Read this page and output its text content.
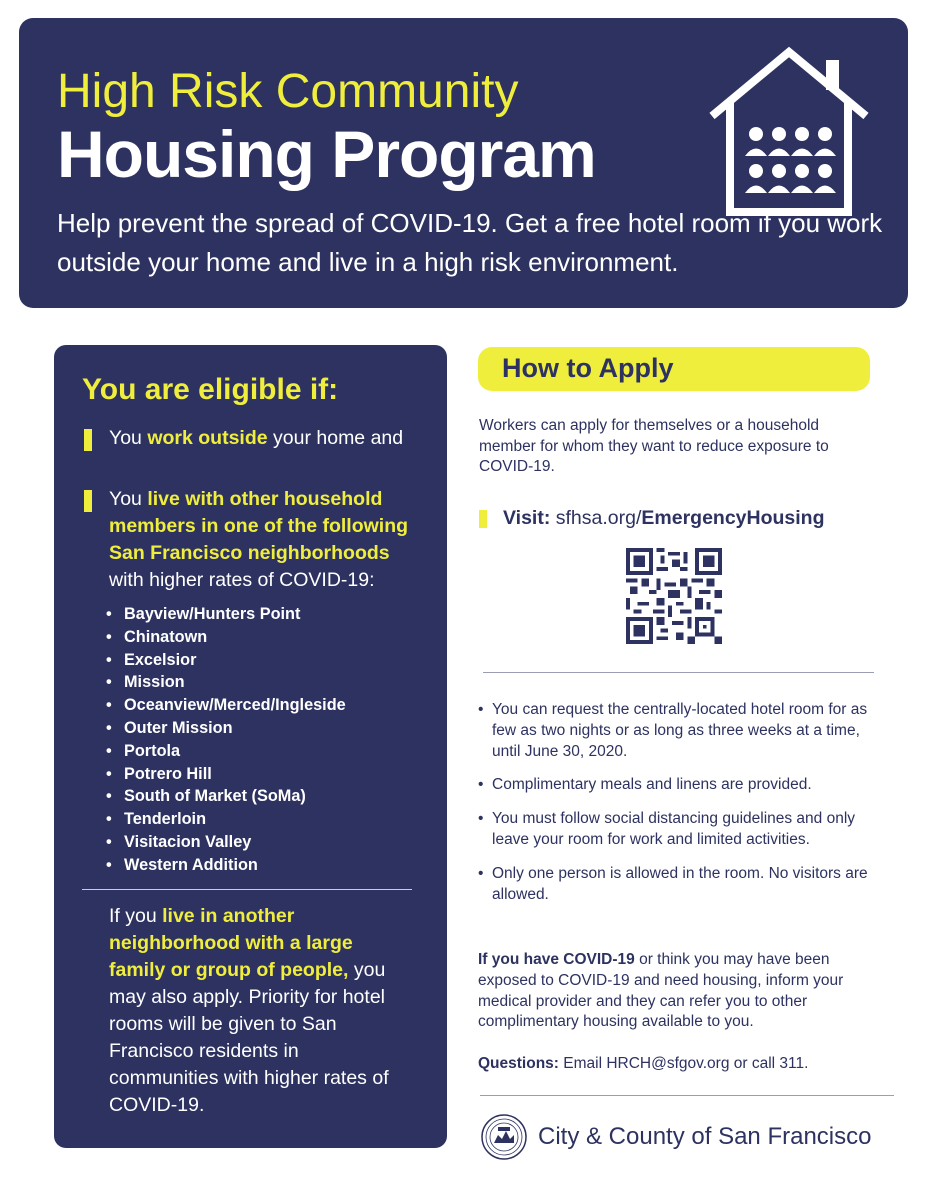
High Risk Community
Housing Program
Help prevent the spread of COVID-19. Get a free hotel room if you work outside your home and live in a high risk environment.
You are eligible if:
You work outside your home and
You live with other household members in one of the following San Francisco neighborhoods with higher rates of COVID-19:
• Bayview/Hunters Point
• Chinatown
• Excelsior
• Mission
• Oceanview/Merced/Ingleside
• Outer Mission
• Portola
• Potrero Hill
• South of Market (SoMa)
• Tenderloin
• Visitacion Valley
• Western Addition
If you live in another neighborhood with a large family or group of people, you may also apply. Priority for hotel rooms will be given to San Francisco residents in communities with higher rates of COVID-19.
How to Apply
Workers can apply for themselves or a household member for whom they want to reduce exposure to COVID-19.
Visit: sfhsa.org/EmergencyHousing
• You can request the centrally-located hotel room for as few as two nights or as long as three weeks at a time, until June 30, 2020.
• Complimentary meals and linens are provided.
• You must follow social distancing guidelines and only leave your room for work and limited activities.
• Only one person is allowed in the room. No visitors are allowed.
If you have COVID-19 or think you may have been exposed to COVID-19 and need housing, inform your medical provider and they can refer you to other complimentary housing available to you.
Questions: Email HRCH@sfgov.org or call 311.
City & County of San Francisco
